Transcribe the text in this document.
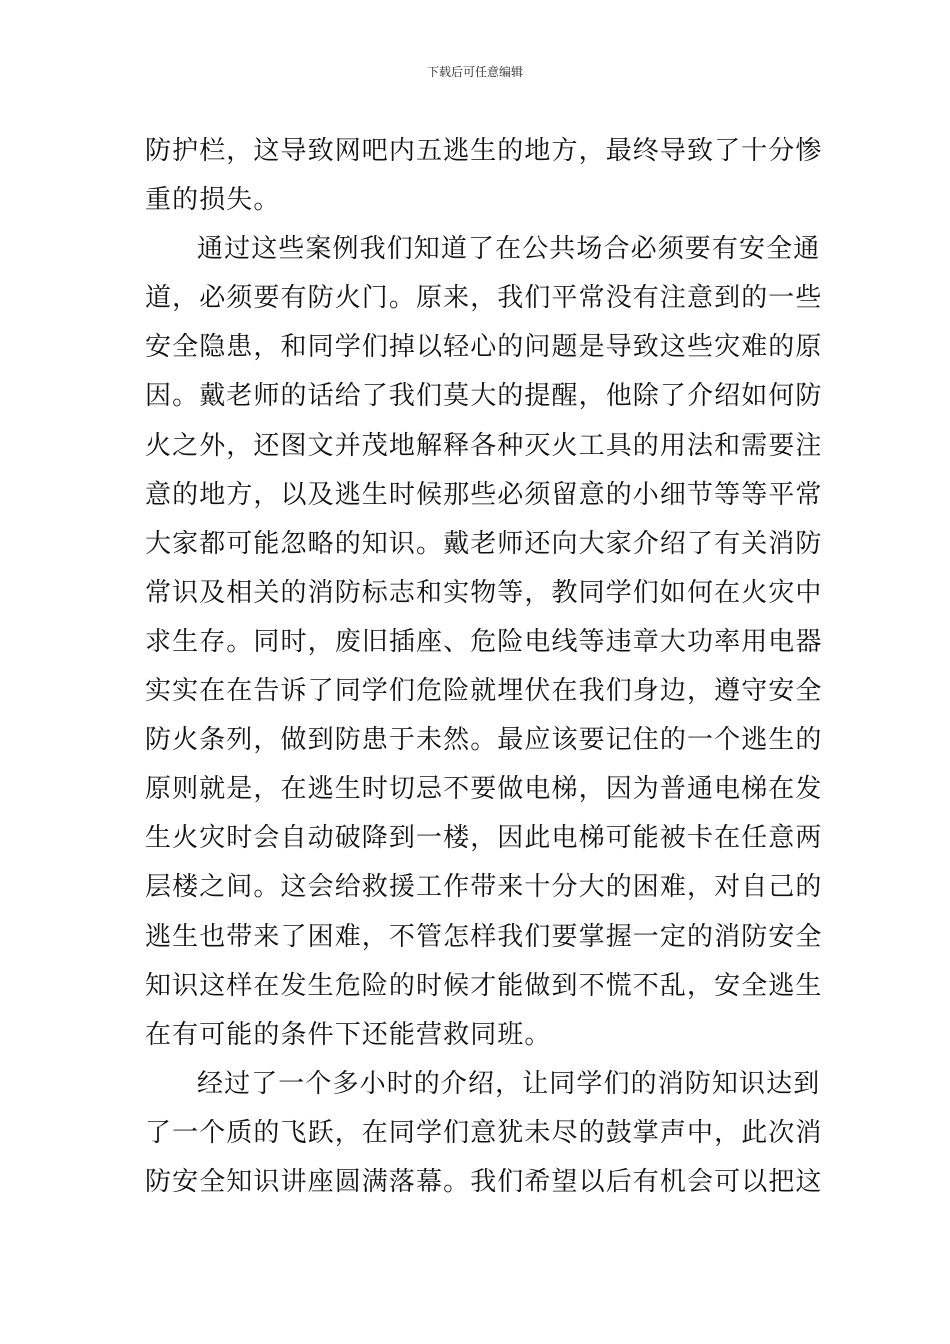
下载后可任意编辑

防护栏，这导致网吧内五逃生的地方，最终导致了十分惨
重的损失。

通过这些案例我们知道了在公共场合必须要有安全通
道，必须要有防火门。原来，我们平常没有注意到的一些
安全隐患，和同学们掉以轻心的问题是导致这些灾难的原
因。戴老师的话给了我们莫大的提醒，他除了介绍如何防
火之外，还图文并茂地解释各种灭火工具的用法和需要注
意的地方，以及逃生时候那些必须留意的小细节等等平常
大家都可能忽略的知识。戴老师还向大家介绍了有关消防
常识及相关的消防标志和实物等，教同学们如何在火灾中
求生存。同时，废旧插座、危险电线等违章大功率用电器
实实在在告诉了同学们危险就埋伏在我们身边，遵守安全
防火条列，做到防患于未然。最应该要记住的一个逃生的
原则就是，在逃生时切忌不要做电梯，因为普通电梯在发
生火灾时会自动破降到一楼，因此电梯可能被卡在任意两
层楼之间。这会给救援工作带来十分大的困难，对自己的
逃生也带来了困难，不管怎样我们要掌握一定的消防安全
知识这样在发生危险的时候才能做到不慌不乱，安全逃生
在有可能的条件下还能营救同班。

经过了一个多小时的介绍，让同学们的消防知识达到
了一个质的飞跃，在同学们意犹未尽的鼓掌声中，此次消
防安全知识讲座圆满落幕。我们希望以后有机会可以把这
